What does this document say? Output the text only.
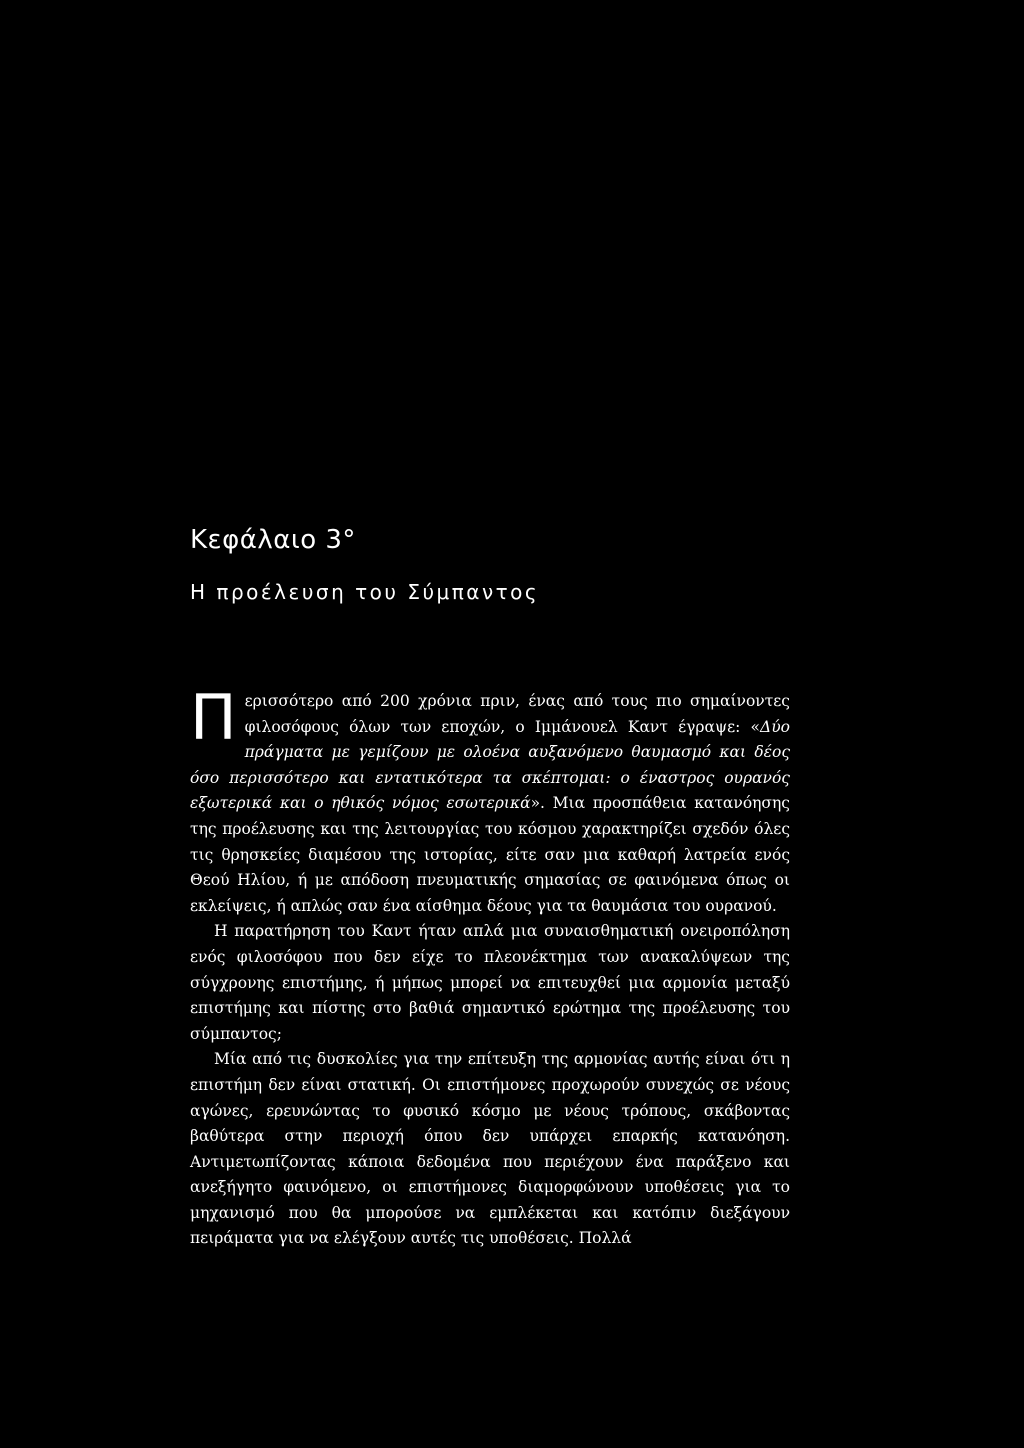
Κεφάλαιο 3°
Η προέλευση του Σύμπαντος

Π ερισσότερο από 200 χρόνια πριν, ένας από τους πιο σημαίνοντες φιλοσόφους όλων των εποχών, ο Ιμμάνουελ Καντ έγραψε: «Δύο πράγματα με γεμίζουν με ολοένα αυξανόμενο θαυμασμό και δέος όσο περισσότερο και εντατικότερα τα σκέπτομαι: ο έναστρος ουρανός εξωτερικά και ο ηθικός νόμος εσωτερικά». Μια προσπάθεια κατανόησης της προέλευσης και της λειτουργίας του κόσμου χαρακτηρίζει σχεδόν όλες τις θρησκείες διαμέσου της ιστορίας, είτε σαν μια καθαρή λατρεία ενός Θεού Ηλίου, ή με απόδοση πνευματικής σημασίας σε φαινόμενα όπως οι εκλείψεις, ή απλώς σαν ένα αίσθημα δέους για τα θαυμάσια του ουρανού.

Η παρατήρηση του Καντ ήταν απλά μια συναισθηματική ονειροπόληση ενός φιλοσόφου που δεν είχε το πλεονέκτημα των ανακαλύψεων της σύγχρονης επιστήμης, ή μήπως μπορεί να επιτευχθεί μια αρμονία μεταξύ επιστήμης και πίστης στο βαθιά σημαντικό ερώτημα της προέλευσης του σύμπαντος;

Μία από τις δυσκολίες για την επίτευξη της αρμονίας αυτής είναι ότι η επιστήμη δεν είναι στατική. Οι επιστήμονες προχωρούν συνεχώς σε νέους αγώνες, ερευνώντας το φυσικό κόσμο με νέους τρόπους, σκάβοντας βαθύτερα στην περιοχή όπου δεν υπάρχει επαρκής κατανόηση. Αντιμετωπίζοντας κάποια δεδομένα που περιέχουν ένα παράξενο και ανεξήγητο φαινόμενο, οι επιστήμονες διαμορφώνουν υποθέσεις για το μηχανισμό που θα μπορούσε να εμπλέκεται και κατόπιν διεξάγουν πειράματα για να ελέγξουν αυτές τις υποθέσεις. Πολλά
